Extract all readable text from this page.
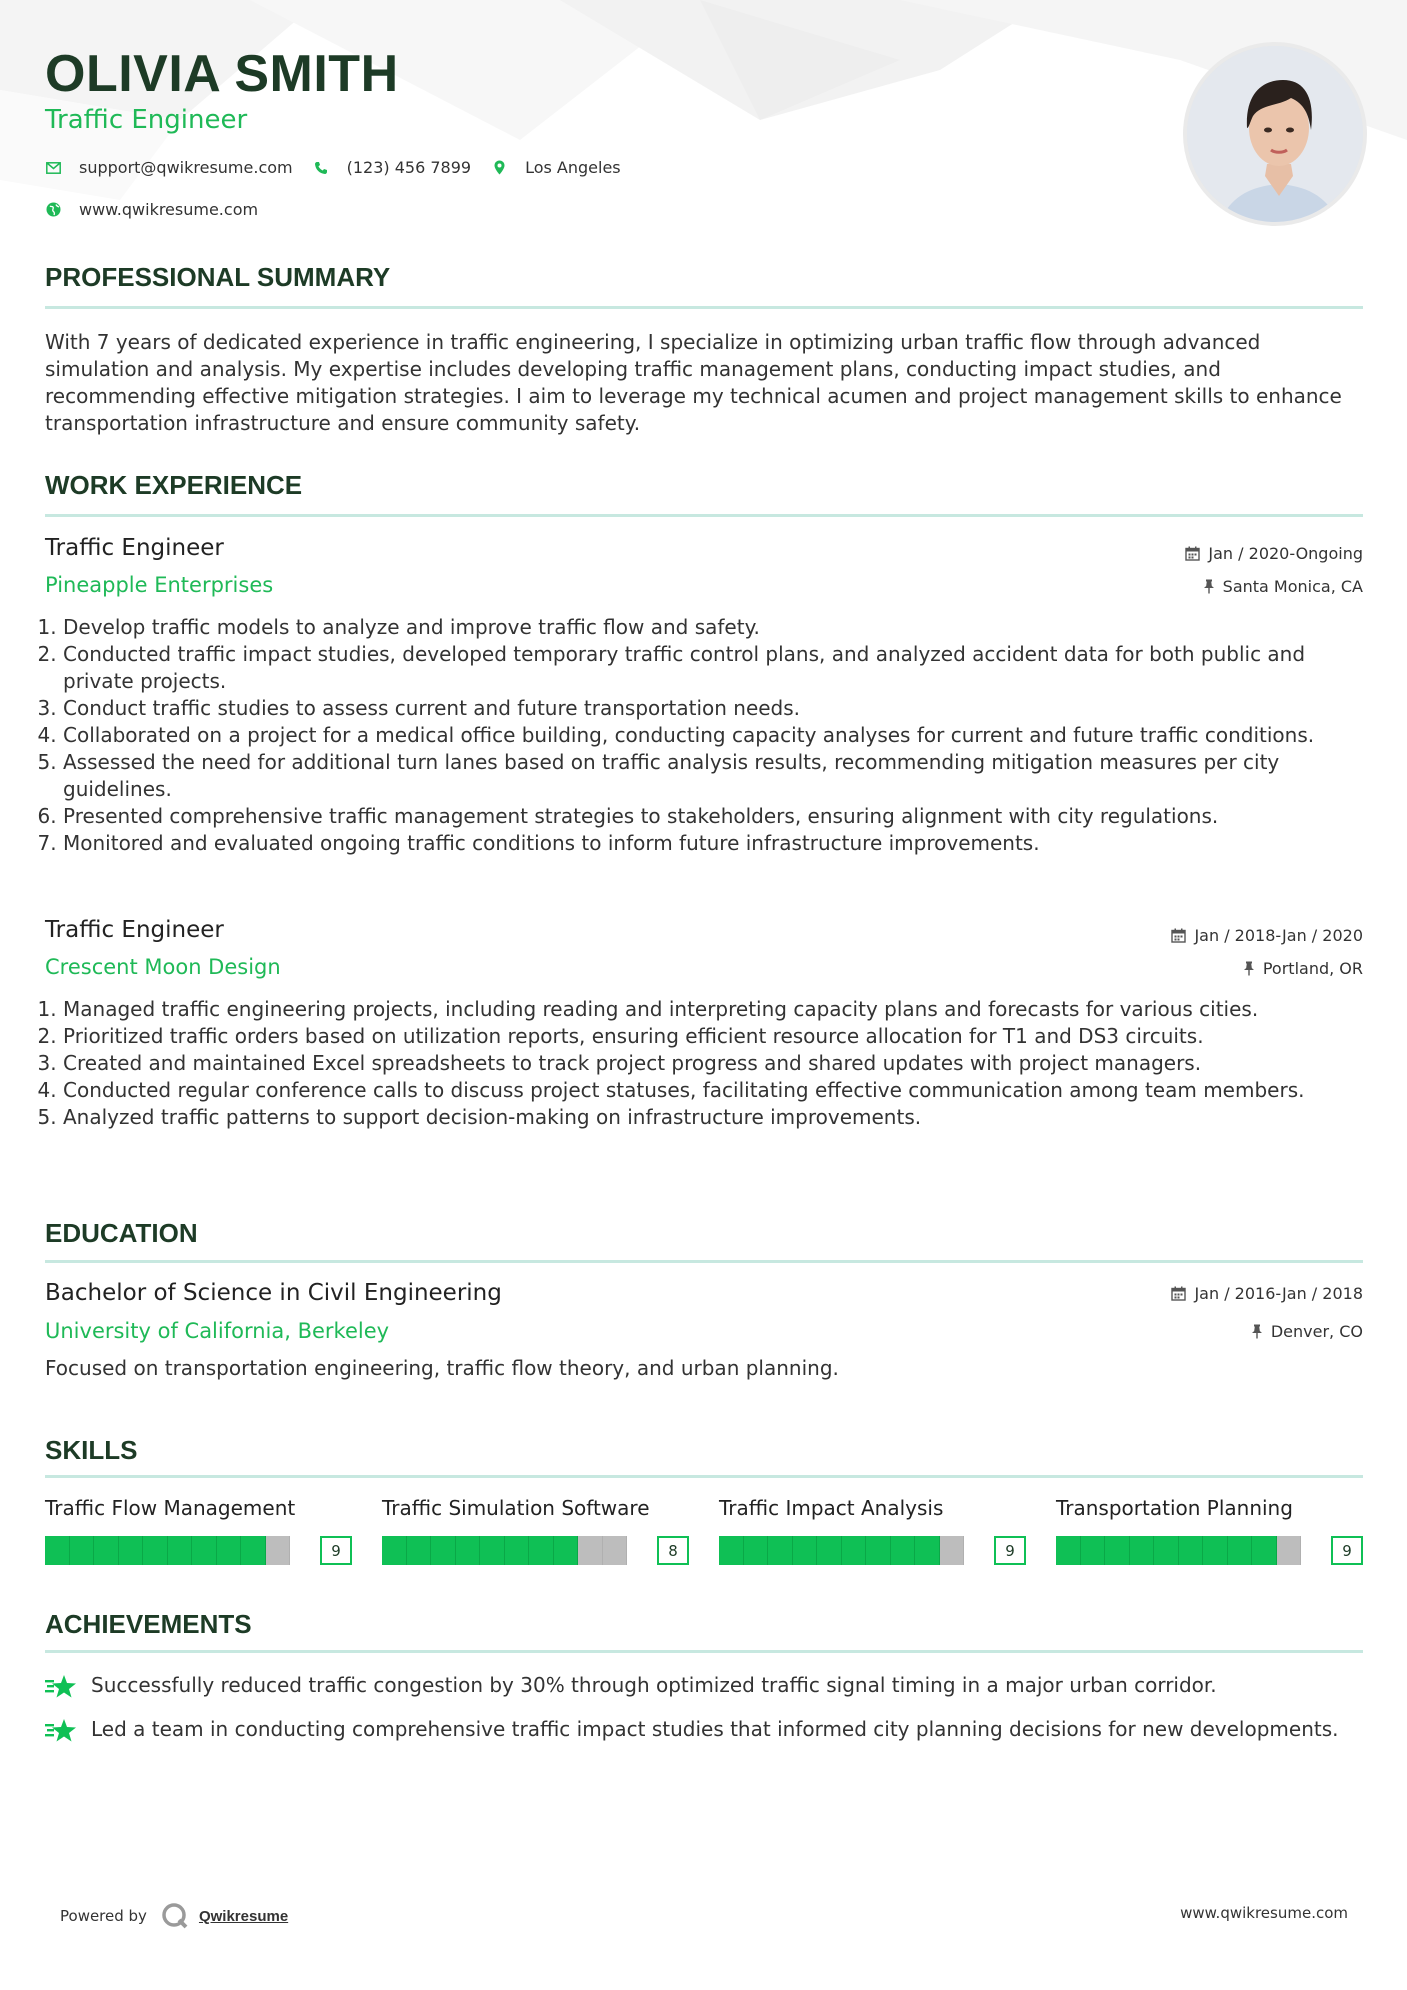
OLIVIA SMITH
Traffic Engineer
support@qwikresume.com	(123) 456 7899	Los Angeles
www.qwikresume.com
PROFESSIONAL SUMMARY
With 7 years of dedicated experience in traffic engineering, I specialize in optimizing urban traffic flow through advanced simulation and analysis. My expertise includes developing traffic management plans, conducting impact studies, and recommending effective mitigation strategies. I aim to leverage my technical acumen and project management skills to enhance transportation infrastructure and ensure community safety.
WORK EXPERIENCE
Traffic Engineer
Pineapple Enterprises
Jan / 2020-Ongoing
Santa Monica, CA
1. Develop traffic models to analyze and improve traffic flow and safety.
2. Conducted traffic impact studies, developed temporary traffic control plans, and analyzed accident data for both public and private projects.
3. Conduct traffic studies to assess current and future transportation needs.
4. Collaborated on a project for a medical office building, conducting capacity analyses for current and future traffic conditions.
5. Assessed the need for additional turn lanes based on traffic analysis results, recommending mitigation measures per city guidelines.
6. Presented comprehensive traffic management strategies to stakeholders, ensuring alignment with city regulations.
7. Monitored and evaluated ongoing traffic conditions to inform future infrastructure improvements.
Traffic Engineer
Crescent Moon Design
Jan / 2018-Jan / 2020
Portland, OR
1. Managed traffic engineering projects, including reading and interpreting capacity plans and forecasts for various cities.
2. Prioritized traffic orders based on utilization reports, ensuring efficient resource allocation for T1 and DS3 circuits.
3. Created and maintained Excel spreadsheets to track project progress and shared updates with project managers.
4. Conducted regular conference calls to discuss project statuses, facilitating effective communication among team members.
5. Analyzed traffic patterns to support decision-making on infrastructure improvements.
EDUCATION
Bachelor of Science in Civil Engineering
University of California, Berkeley
Jan / 2016-Jan / 2018
Denver, CO
Focused on transportation engineering, traffic flow theory, and urban planning.
SKILLS
Traffic Flow Management
9
Traffic Simulation Software
8
Traffic Impact Analysis
9
Transportation Planning
9
ACHIEVEMENTS
Successfully reduced traffic congestion by 30% through optimized traffic signal timing in a major urban corridor.
Led a team in conducting comprehensive traffic impact studies that informed city planning decisions for new developments.
Powered by	Qwikresume	www.qwikresume.com
